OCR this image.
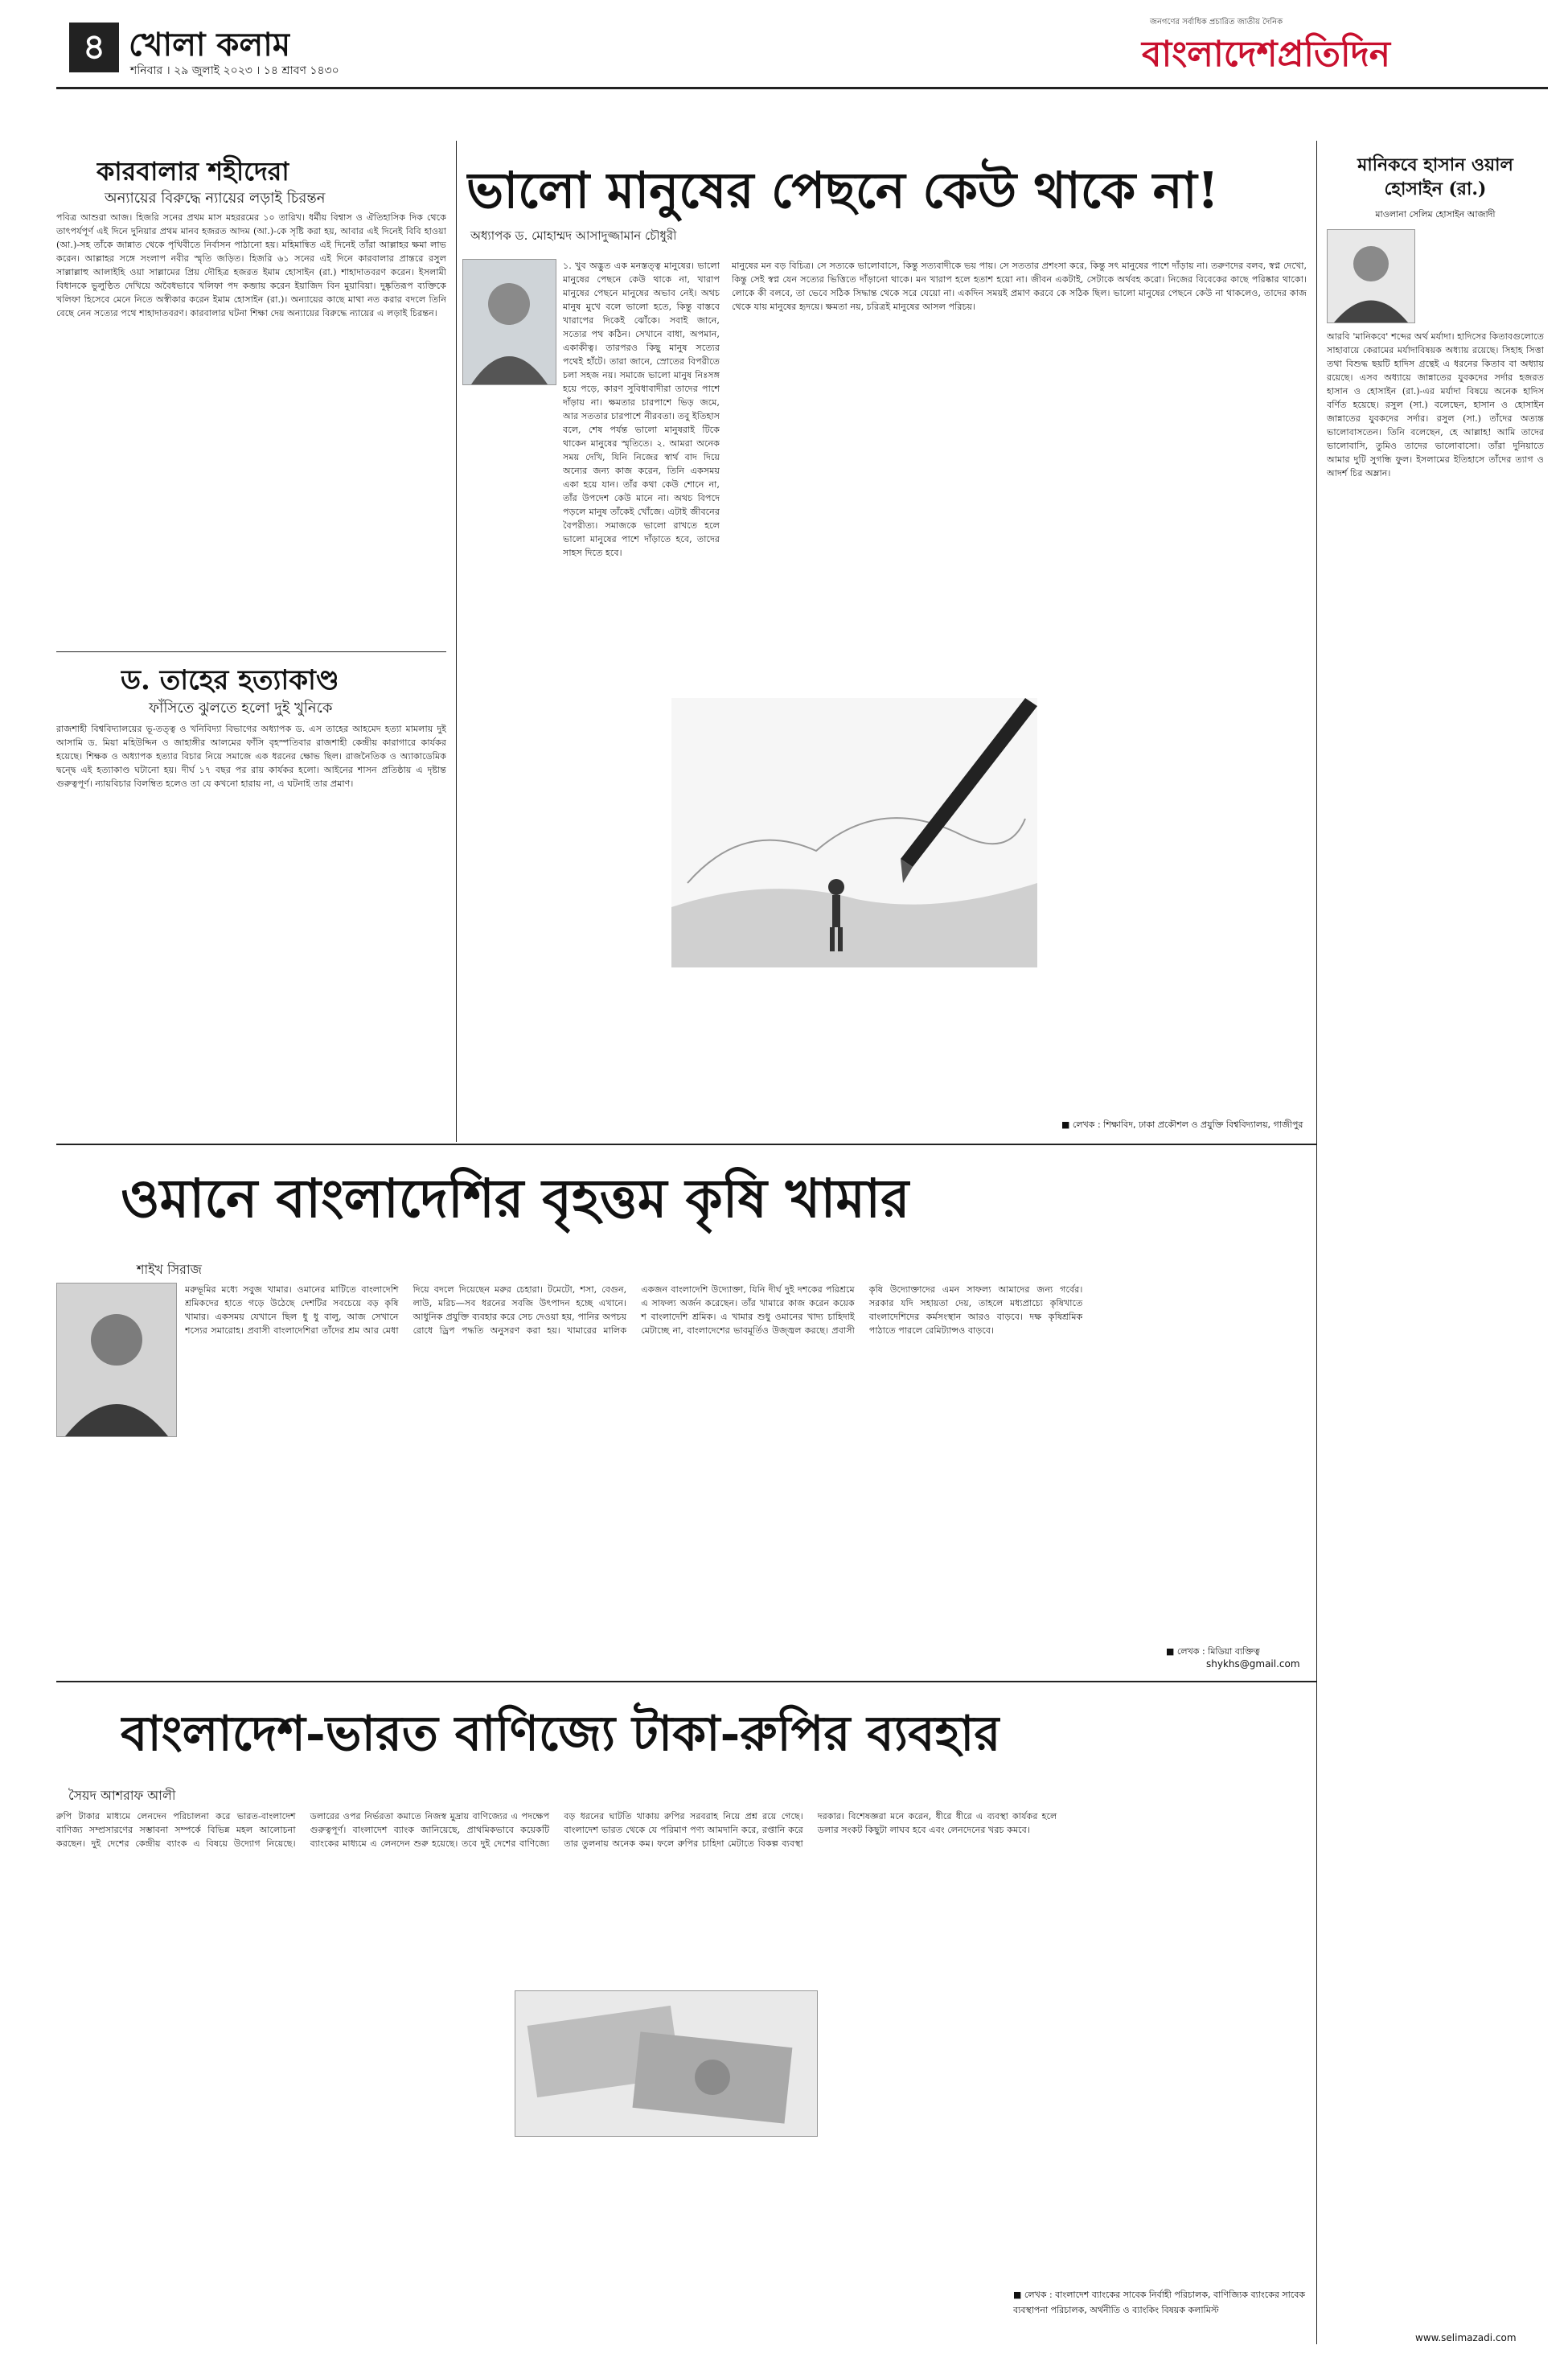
৪ খোলা কলাম
শনিবার । ২৯ জুলাই ২০২৩ । ১৪ শ্রাবণ ১৪৩০
জনগণের সর্বাধিক প্রচারিত জাতীয় দৈনিক
বাংলাদেশপ্রতিদিন
কারবালার শহীদেরা
অন্যায়ের বিরুদ্ধে ন্যায়ের লড়াই চিরন্তন
পবিত্র আশুরা আজ। হিজরি সনের প্রথম মাস মহররমের ১০ তারিখ। ধর্মীয় বিশ্বাস ও ঐতিহাসিক দিক থেকে তাৎপর্যপূর্ণ এই দিনে দুনিয়ার প্রথম মানব হজরত আদম (আ.)-কে সৃষ্টি করা হয়, আবার এই দিনেই বিবি হাওয়া (আ.)-সহ তাঁকে জান্নাত থেকে পৃথিবীতে নির্বাসন পাঠানো হয়। মহিমান্বিত এই দিনেই তাঁরা আল্লাহর ক্ষমা লাভ করেন। আল্লাহর সঙ্গে সংলাপ নবীর স্মৃতি জড়িত। হিজরি ৬১ সনের এই দিনে কারবালার প্রান্তরে রসুল সাল্লাল্লাহু আলাইহি ওয়া সাল্লামের প্রিয় দৌহিত্র হজরত ইমাম হোসাইন (রা.) শাহাদাতবরণ করেন। ইসলামী বিধানকে ভুলুণ্ঠিত দেখিয়ে অবৈধভাবে খলিফা পদ কব্জায় করেন ইয়াজিদ বিন মুয়াবিয়া। দুষ্কৃতিরূপ ব্যক্তিকে খলিফা হিসেবে মেনে নিতে অস্বীকার করেন ইমাম হোসাইন (রা.)। অন্যায়ের কাছে মাথা নত করার বদলে তিনি বেছে নেন সত্যের পথে শাহাদাতবরণ। কারবালার ঘটনা শিক্ষা দেয় অন্যায়ের বিরুদ্ধে ন্যায়ের এ লড়াই চিরন্তন।
ড. তাহের হত্যাকাণ্ড
ফাঁসিতে ঝুলতে হলো দুই খুনিকে
রাজশাহী বিশ্ববিদ্যালয়ের ভূ-তত্ত্ব ও খনিবিদ্যা বিভাগের অধ্যাপক ড. এস তাহের আহমেদ হত্যা মামলায় দুই আসামি ড. মিয়া মহিউদ্দিন ও জাহাঙ্গীর আলমের ফাঁসি বৃহস্পতিবার রাজশাহী কেন্দ্রীয় কারাগারে কার্যকর হয়েছে। শিক্ষক ও অধ্যাপক হত্যার বিচার নিয়ে সমাজে এক ধরনের ক্ষোভ ছিল। রাজনৈতিক ও অ্যাকাডেমিক দ্বন্দ্বে এই হত্যাকাণ্ড ঘটানো হয়। দীর্ঘ ১৭ বছর পর রায় কার্যকর হলো। আইনের শাসন প্রতিষ্ঠায় এ দৃষ্টান্ত গুরুত্বপূর্ণ। ন্যায়বিচার বিলম্বিত হলেও তা যে কখনো হারায় না, এ ঘটনাই তার প্রমাণ।
ভালো মানুষের পেছনে কেউ থাকে না!
অধ্যাপক ড. মোহাম্মদ আসাদুজ্জামান চৌধুরী
১. খুব অদ্ভুত এক মনস্তত্ত্ব মানুষের। ভালো মানুষের পেছনে কেউ থাকে না, খারাপ মানুষের পেছনে মানুষের অভাব নেই। অথচ মানুষ মুখে বলে ভালো হতে, কিন্তু বাস্তবে খারাপের দিকেই ঝোঁকে। সবাই জানে, সত্যের পথ কঠিন। সেখানে বাধা, অপমান, একাকীত্ব। তারপরও কিছু মানুষ সত্যের পথেই হাঁটে। তারা জানে, স্রোতের বিপরীতে চলা সহজ নয়। সমাজে ভালো মানুষ নিঃসঙ্গ হয়ে পড়ে, কারণ সুবিধাবাদীরা তাদের পাশে দাঁড়ায় না। ক্ষমতার চারপাশে ভিড় জমে, আর সততার চারপাশে নীরবতা। তবু ইতিহাস বলে, শেষ পর্যন্ত ভালো মানুষরাই টিকে থাকেন মানুষের স্মৃতিতে। ২. আমরা অনেক সময় দেখি, যিনি নিজের স্বার্থ বাদ দিয়ে অন্যের জন্য কাজ করেন, তিনি একসময় একা হয়ে যান। তাঁর কথা কেউ শোনে না, তাঁর উপদেশ কেউ মানে না। অথচ বিপদে পড়লে মানুষ তাঁকেই খোঁজে। এটাই জীবনের বৈপরীত্য। সমাজকে ভালো রাখতে হলে ভালো মানুষের পাশে দাঁড়াতে হবে, তাদের সাহস দিতে হবে।
মানুষের মন বড় বিচিত্র। সে সত্যকে ভালোবাসে, কিন্তু সত্যবাদীকে ভয় পায়। সে সততার প্রশংসা করে, কিন্তু সৎ মানুষের পাশে দাঁড়ায় না। তরুণদের বলব, স্বপ্ন দেখো, কিন্তু সেই স্বপ্ন যেন সত্যের ভিত্তিতে দাঁড়ানো থাকে। মন খারাপ হলে হতাশ হয়ো না। জীবন একটাই, সেটাকে অর্থবহ করো। নিজের বিবেকের কাছে পরিষ্কার থাকো। লোকে কী বলবে, তা ভেবে সঠিক সিদ্ধান্ত থেকে সরে যেয়ো না। একদিন সময়ই প্রমাণ করবে কে সঠিক ছিল। ভালো মানুষের পেছনে কেউ না থাকলেও, তাদের কাজ থেকে যায় মানুষের হৃদয়ে। ক্ষমতা নয়, চরিত্রই মানুষের আসল পরিচয়।
■ লেখক : শিক্ষাবিদ, ঢাকা প্রকৌশল ও প্রযুক্তি বিশ্ববিদ্যালয়, গাজীপুর
মানিকবে হাসান ওয়াল হোসাইন (রা.)
মাওলানা সেলিম হোসাইন আজাদী
আরবি 'মানিকবে' শব্দের অর্থ মর্যাদা। হাদিসের কিতাবগুলোতে সাহাবায়ে কেরামের মর্যাদাবিষয়ক অধ্যায় রয়েছে। সিহাহ সিত্তা তথা বিশুদ্ধ ছয়টি হাদিস গ্রন্থেই এ ধরনের কিতাব বা অধ্যায় রয়েছে। এসব অধ্যায়ে জান্নাতের যুবকদের সর্দার হজরত হাসান ও হোসাইন (রা.)-এর মর্যাদা বিষয়ে অনেক হাদিস বর্ণিত হয়েছে। রসুল (সা.) বলেছেন, হাসান ও হোসাইন জান্নাতের যুবকদের সর্দার। রসুল (সা.) তাঁদের অত্যন্ত ভালোবাসতেন। তিনি বলেছেন, হে আল্লাহ! আমি তাদের ভালোবাসি, তুমিও তাদের ভালোবাসো। তাঁরা দুনিয়াতে আমার দুটি সুগন্ধি ফুল। ইসলামের ইতিহাসে তাঁদের ত্যাগ ও আদর্শ চির অম্লান।
www.selimazadi.com
ওমানে বাংলাদেশির বৃহত্তম কৃষি খামার
শাইখ সিরাজ
মরুভূমির মধ্যে সবুজ খামার। ওমানের মাটিতে বাংলাদেশি শ্রমিকদের হাতে গড়ে উঠেছে দেশটির সবচেয়ে বড় কৃষি খামার। একসময় যেখানে ছিল ধু ধু বালু, আজ সেখানে শস্যের সমারোহ। প্রবাসী বাংলাদেশিরা তাঁদের শ্রম আর মেধা দিয়ে বদলে দিয়েছেন মরুর চেহারা। টমেটো, শসা, বেগুন, লাউ, মরিচ—সব ধরনের সবজি উৎপাদন হচ্ছে এখানে। আধুনিক প্রযুক্তি ব্যবহার করে সেচ দেওয়া হয়, পানির অপচয় রোধে ড্রিপ পদ্ধতি অনুসরণ করা হয়। খামারের মালিক একজন বাংলাদেশি উদ্যোক্তা, যিনি দীর্ঘ দুই দশকের পরিশ্রমে এ সাফল্য অর্জন করেছেন। তাঁর খামারে কাজ করেন কয়েক শ বাংলাদেশি শ্রমিক। এ খামার শুধু ওমানের খাদ্য চাহিদাই মেটাচ্ছে না, বাংলাদেশের ভাবমূর্তিও উজ্জ্বল করছে। প্রবাসী কৃষি উদ্যোক্তাদের এমন সাফল্য আমাদের জন্য গর্বের। সরকার যদি সহায়তা দেয়, তাহলে মধ্যপ্রাচ্যে কৃষিখাতে বাংলাদেশিদের কর্মসংস্থান আরও বাড়বে। দক্ষ কৃষিশ্রমিক পাঠাতে পারলে রেমিট্যান্সও বাড়বে।
■ লেখক : মিডিয়া ব্যক্তিত্ব
shykhs@gmail.com
বাংলাদেশ-ভারত বাণিজ্যে টাকা-রুপির ব্যবহার
সৈয়দ আশরাফ আলী
রুপি টাকার মাধ্যমে লেনদেন পরিচালনা করে ভারত-বাংলাদেশ বাণিজ্য সম্প্রসারণের সম্ভাবনা সম্পর্কে বিভিন্ন মহল আলোচনা করছেন। দুই দেশের কেন্দ্রীয় ব্যাংক এ বিষয়ে উদ্যোগ নিয়েছে। ডলারের ওপর নির্ভরতা কমাতে নিজস্ব মুদ্রায় বাণিজ্যের এ পদক্ষেপ গুরুত্বপূর্ণ। বাংলাদেশ ব্যাংক জানিয়েছে, প্রাথমিকভাবে কয়েকটি ব্যাংকের মাধ্যমে এ লেনদেন শুরু হয়েছে। তবে দুই দেশের বাণিজ্যে বড় ধরনের ঘাটতি থাকায় রুপির সরবরাহ নিয়ে প্রশ্ন রয়ে গেছে। বাংলাদেশ ভারত থেকে যে পরিমাণ পণ্য আমদানি করে, রপ্তানি করে তার তুলনায় অনেক কম। ফলে রুপির চাহিদা মেটাতে বিকল্প ব্যবস্থা দরকার। বিশেষজ্ঞরা মনে করেন, ধীরে ধীরে এ ব্যবস্থা কার্যকর হলে ডলার সংকট কিছুটা লাঘব হবে এবং লেনদেনের খরচ কমবে।
■ লেখক : বাংলাদেশ ব্যাংকের সাবেক নির্বাহী পরিচালক, বাণিজ্যিক ব্যাংকের সাবেক ব্যবস্থাপনা পরিচালক, অর্থনীতি ও ব্যাংকিং বিষয়ক কলামিস্ট
